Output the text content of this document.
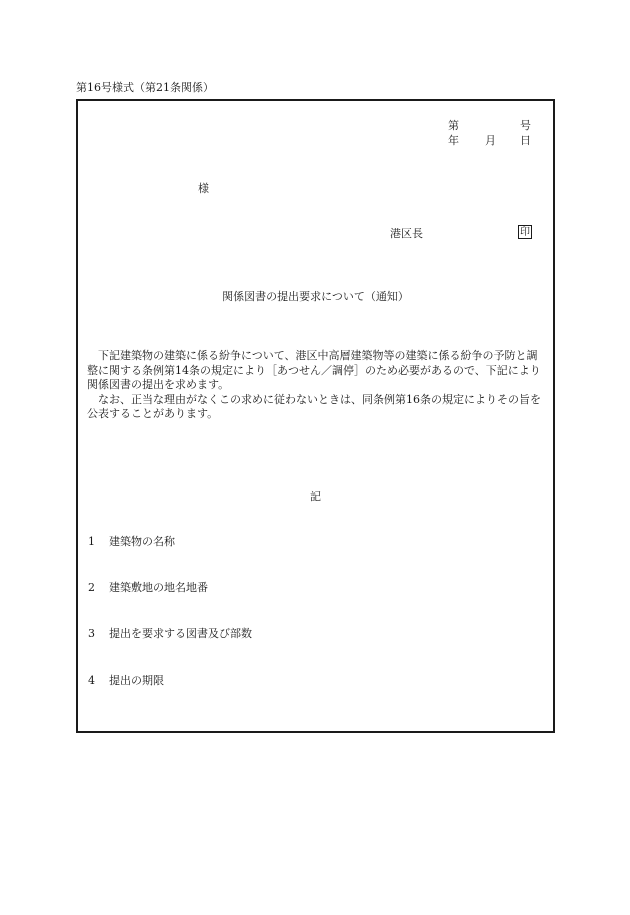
第16号様式（第21条関係）
第	号
年 月 日
様
港区長	印
関係図書の提出要求について（通知）

下記建築物の建築に係る紛争について、港区中高層建築物等の建築に係る紛争の予防と調整に関する条例第14条の規定により［あつせん／調停］のため必要があるので、下記により関係図書の提出を求めます。

なお、正当な理由がなくこの求めに従わないときは、同条例第16条の規定によりその旨を公表することがあります。

記
1 建築物の名称
2 建築敷地の地名地番
3 提出を要求する図書及び部数
4 提出の期限
